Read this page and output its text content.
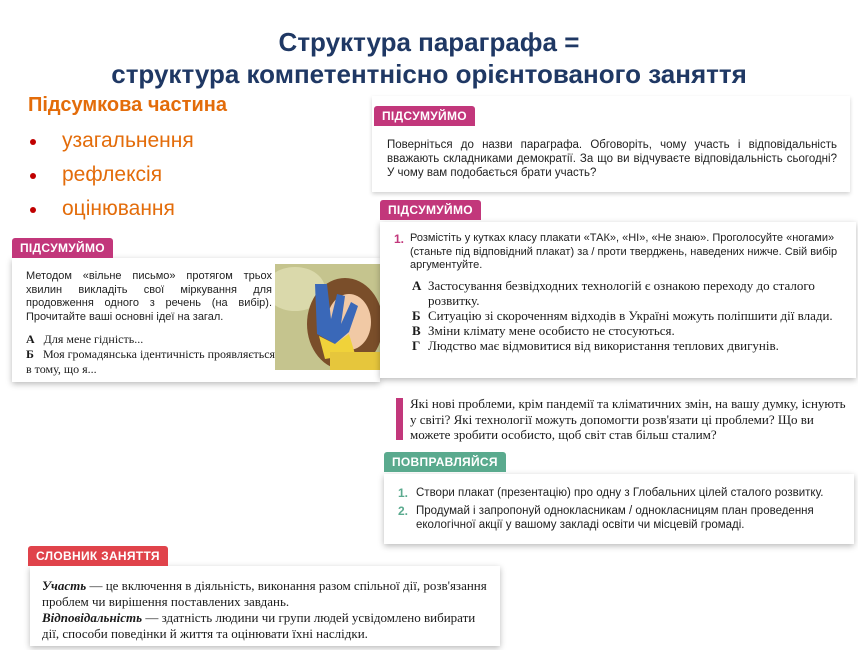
Структура параграфа =
структура компетентнісно орієнтованого заняття
Підсумкова частина
узагальнення
рефлексія
оцінювання
ПІДСУМУЙМО
Поверніться до назви параграфа. Обговоріть, чому участь і відповідальність вважають складниками демократії. За що ви відчуваєте відповідальність сьогодні? У чому вам подобається брати участь?
ПІДСУМУЙМО
Методом «вільне письмо» протягом трьох хвилин викладіть свої міркування для продовження одного з речень (на вибір). Прочитайте ваші основні ідеї на загал.
А Для мене гідність...
Б Моя громадянська ідентичність проявляється в тому, що я...
ПІДСУМУЙМО
1. Розмістіть у кутках класу плакати «ТАК», «НІ», «Не знаю». Проголосуйте «ногами» (станьте під відповідний плакат) за / проти тверджень, наведених нижче. Свій вибір аргументуйте.
А Застосування безвідходних технологій є ознакою переходу до сталого розвитку.
Б Ситуацію зі скороченням відходів в Україні можуть поліпшити дії влади.
В Зміни клімату мене особисто не стосуються.
Г Людство має відмовитися від використання теплових двигунів.
Які нові проблеми, крім пандемії та кліматичних змін, на вашу думку, існують у світі? Які технології можуть допомогти розв'язати ці проблеми? Що ви можете зробити особисто, щоб світ став більш сталим?
ПОВПРАВЛЯЙСЯ
1. Створи плакат (презентацію) про одну з Глобальних цілей сталого розвитку.
2. Продумай і запропонуй однокласникам / однокласницям план проведення екологічної акції у вашому закладі освіти чи місцевій громаді.
СЛОВНИК ЗАНЯТТЯ
Участь — це включення в діяльність, виконання разом спільної дії, розв'язання проблем чи вирішення поставлених завдань.
Відповідальність — здатність людини чи групи людей усвідомлено вибирати дії, способи поведінки й життя та оцінювати їхні наслідки.
